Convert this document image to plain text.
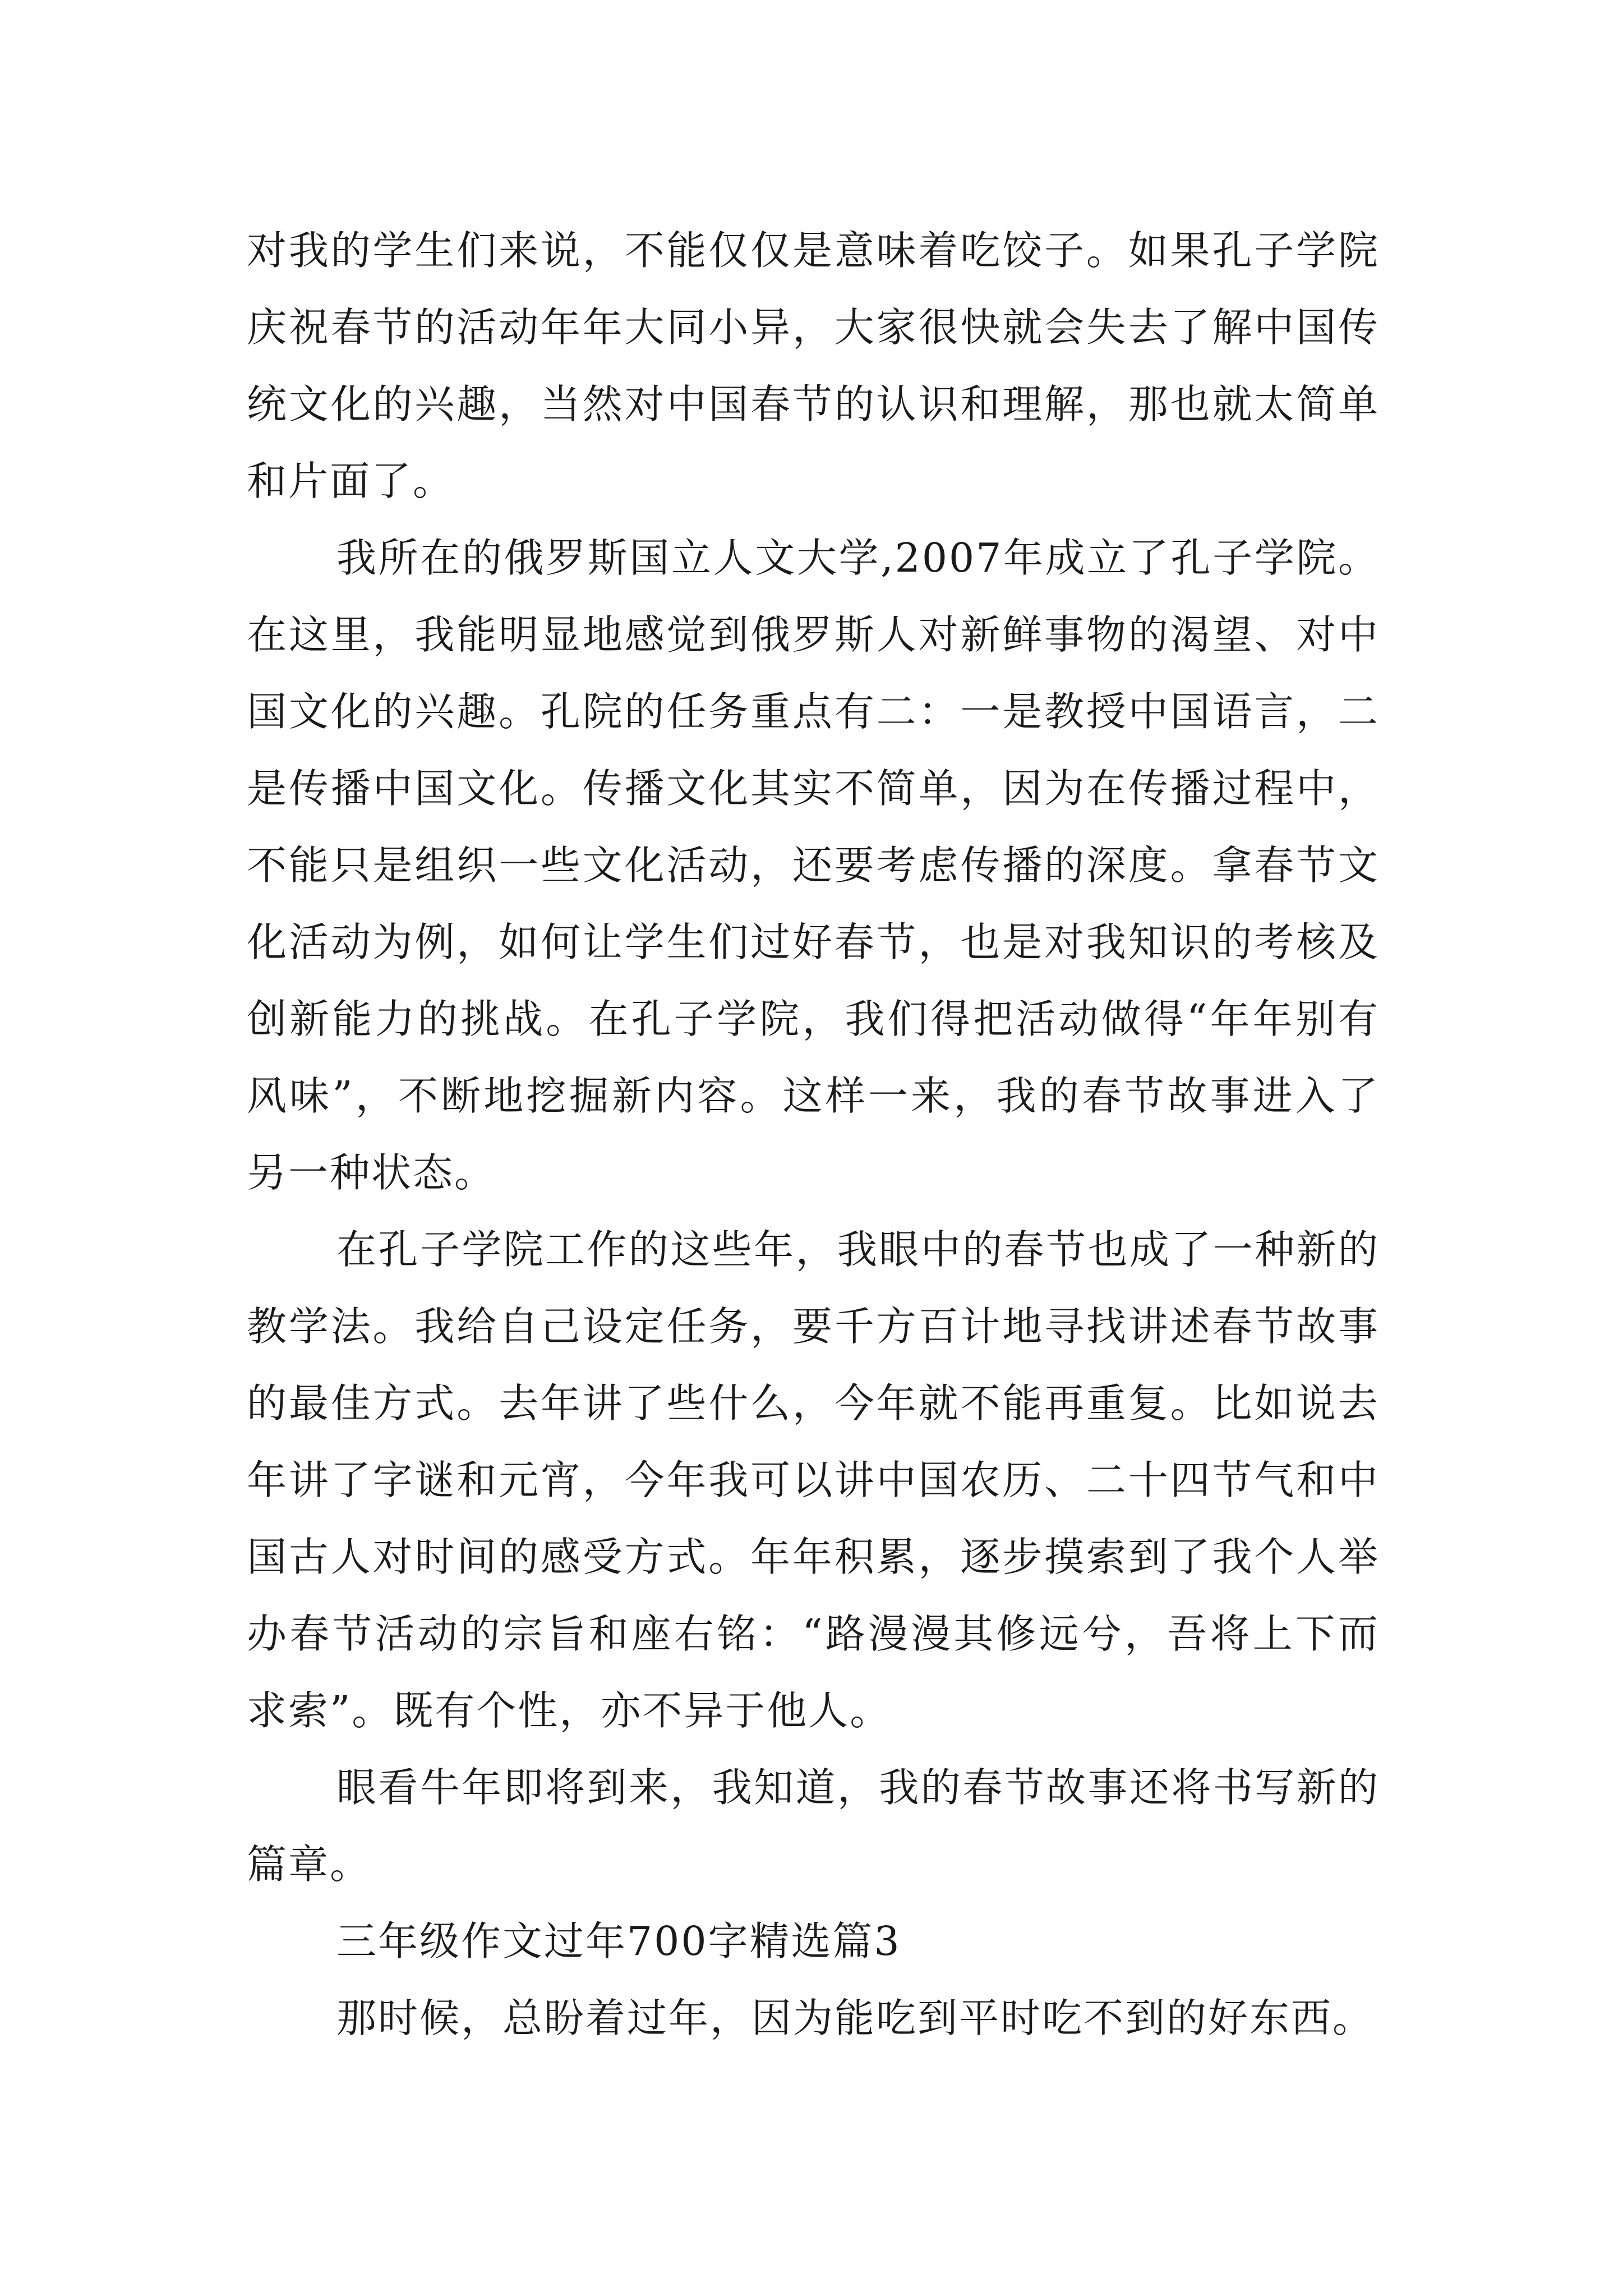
对我的学生们来说，不能仅仅是意味着吃饺子。如果孔子学院庆祝春节的活动年年大同小异，大家很快就会失去了解中国传统文化的兴趣，当然对中国春节的认识和理解，那也就太简单和片面了。

我所在的俄罗斯国立人文大学,2007年成立了孔子学院。在这里，我能明显地感觉到俄罗斯人对新鲜事物的渴望、对中国文化的兴趣。孔院的任务重点有二：一是教授中国语言，二是传播中国文化。传播文化其实不简单，因为在传播过程中，不能只是组织一些文化活动，还要考虑传播的深度。拿春节文化活动为例，如何让学生们过好春节，也是对我知识的考核及创新能力的挑战。在孔子学院，我们得把活动做得“年年别有风味”，不断地挖掘新内容。这样一来，我的春节故事进入了另一种状态。

在孔子学院工作的这些年，我眼中的春节也成了一种新的教学法。我给自己设定任务，要千方百计地寻找讲述春节故事的最佳方式。去年讲了些什么，今年就不能再重复。比如说去年讲了字谜和元宵，今年我可以讲中国农历、二十四节气和中国古人对时间的感受方式。年年积累，逐步摸索到了我个人举办春节活动的宗旨和座右铭：“路漫漫其修远兮，吾将上下而求索”。既有个性，亦不异于他人。

眼看牛年即将到来，我知道，我的春节故事还将书写新的篇章。

三年级作文过年700字精选篇3

那时候，总盼着过年，因为能吃到平时吃不到的好东西。
